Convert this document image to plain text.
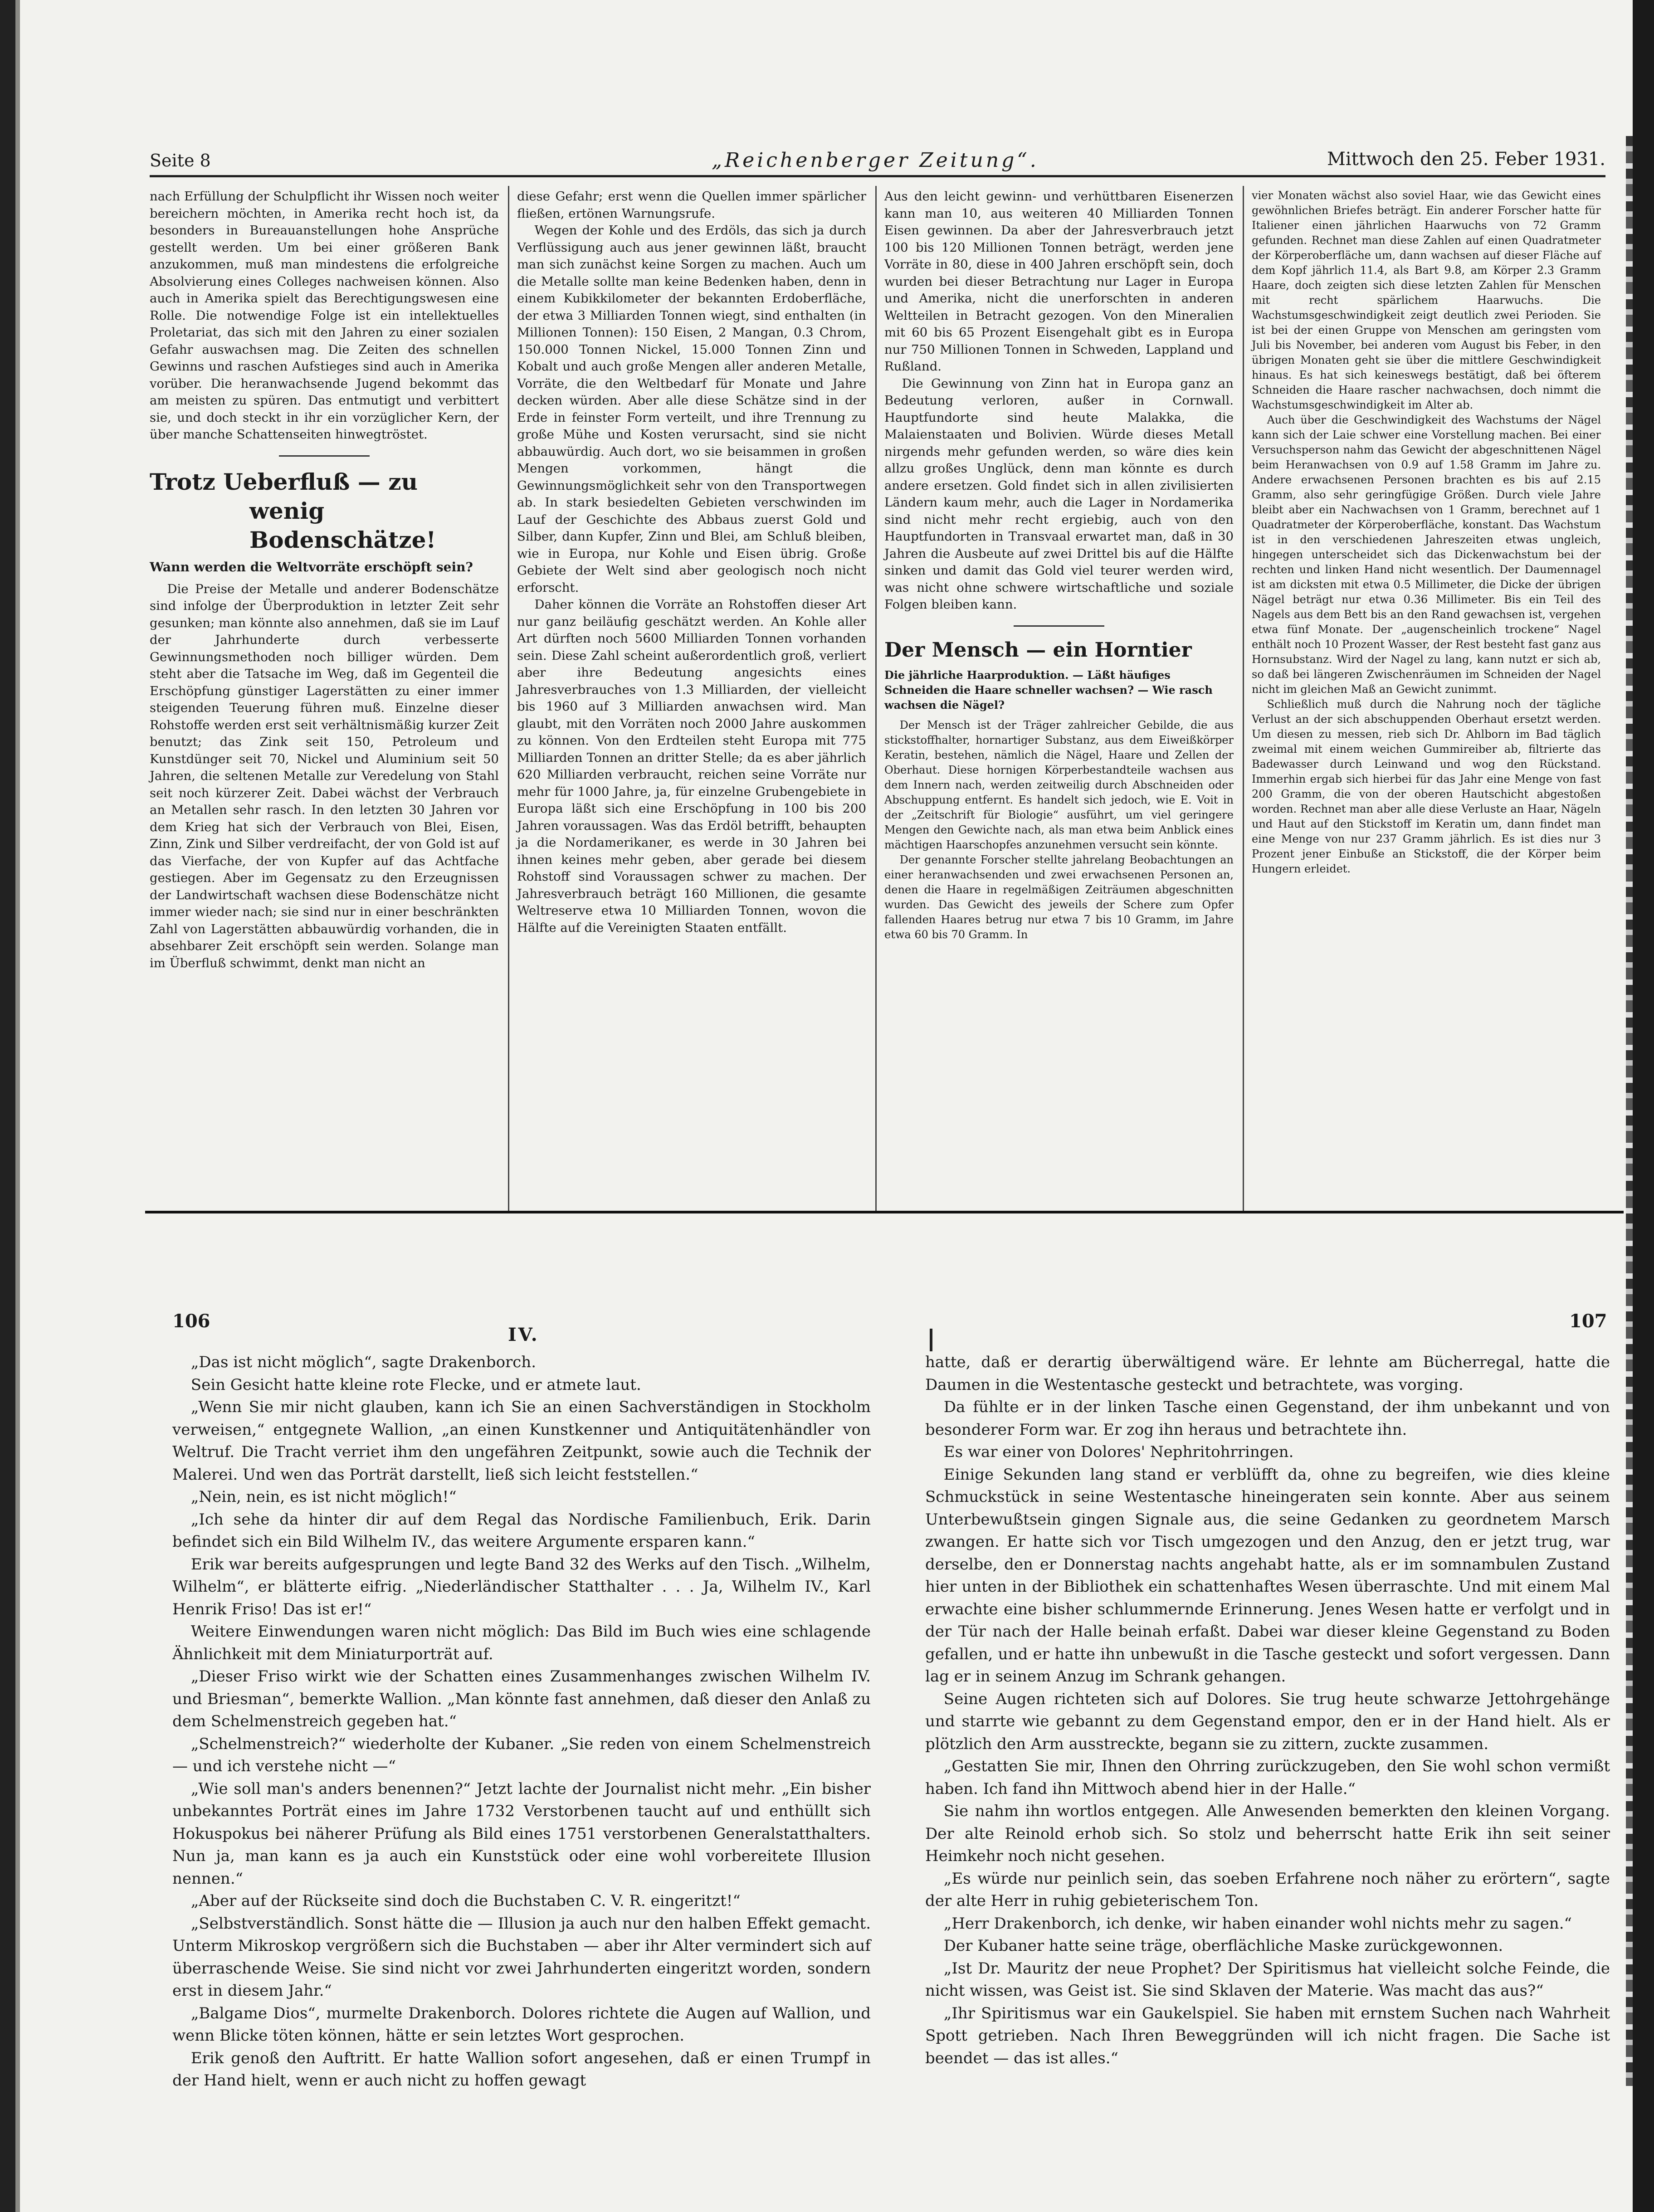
Seite 8	„Reichenberger Zeitung“.	Mittwoch den 25. Feber 1931.

nach Erfüllung der Schulpflicht ihr Wissen noch weiter bereichern möchten, in Amerika recht hoch ist, da besonders in Bureauanstellungen hohe Ansprüche gestellt werden. Um bei einer größeren Bank anzukommen, muß man mindestens die erfolgreiche Absolvierung eines Colleges nachweisen können. Also auch in Amerika spielt das Berechtigungswesen eine Rolle. Die notwendige Folge ist ein intellektuelles Proletariat, das sich mit den Jahren zu einer sozialen Gefahr auswachsen mag. Die Zeiten des schnellen Gewinns und raschen Aufstieges sind auch in Amerika vorüber. Die heranwachsende Jugend bekommt das am meisten zu spüren. Das entmutigt und verbittert sie, und doch steckt in ihr ein vorzüglicher Kern, der über manche Schattenseiten hinwegtröstet.

Trotz Ueberfluß — zu
wenig Bodenschätze!
Wann werden die Weltvorräte erschöpft sein?

Die Preise der Metalle und anderer Bodenschätze sind infolge der Überproduktion in letzter Zeit sehr gesunken; man könnte also annehmen, daß sie im Lauf der Jahrhunderte durch verbesserte Gewinnungsmethoden noch billiger würden. Dem steht aber die Tatsache im Weg, daß im Gegenteil die Erschöpfung günstiger Lagerstätten zu einer immer steigenden Teuerung führen muß. Einzelne dieser Rohstoffe werden erst seit verhältnismäßig kurzer Zeit benutzt; das Zink seit 150, Petroleum und Kunstdünger seit 70, Nickel und Aluminium seit 50 Jahren, die seltenen Metalle zur Veredelung von Stahl seit noch kürzerer Zeit. Dabei wächst der Verbrauch an Metallen sehr rasch. In den letzten 30 Jahren vor dem Krieg hat sich der Verbrauch von Blei, Eisen, Zinn, Zink und Silber verdreifacht, der von Gold ist auf das Vierfache, der von Kupfer auf das Achtfache gestiegen. Aber im Gegensatz zu den Erzeugnissen der Landwirtschaft wachsen diese Bodenschätze nicht immer wieder nach; sie sind nur in einer beschränkten Zahl von Lagerstätten abbauwürdig vorhanden, die in absehbarer Zeit erschöpft sein werden. Solange man im Überfluß schwimmt, denkt man nicht an

diese Gefahr; erst wenn die Quellen immer spärlicher fließen, ertönen Warnungsrufe.

Wegen der Kohle und des Erdöls, das sich ja durch Verflüssigung auch aus jener gewinnen läßt, braucht man sich zunächst keine Sorgen zu machen. Auch um die Metalle sollte man keine Bedenken haben, denn in einem Kubikkilometer der bekannten Erdoberfläche, der etwa 3 Milliarden Tonnen wiegt, sind enthalten (in Millionen Tonnen): 150 Eisen, 2 Mangan, 0.3 Chrom, 150.000 Tonnen Nickel, 15.000 Tonnen Zinn und Kobalt und auch große Mengen aller anderen Metalle, Vorräte, die den Weltbedarf für Monate und Jahre decken würden. Aber alle diese Schätze sind in der Erde in feinster Form verteilt, und ihre Trennung zu große Mühe und Kosten verursacht, sind sie nicht abbauwürdig. Auch dort, wo sie beisammen in großen Mengen vorkommen, hängt die Gewinnungsmöglichkeit sehr von den Transportwegen ab. In stark besiedelten Gebieten verschwinden im Lauf der Geschichte des Abbaus zuerst Gold und Silber, dann Kupfer, Zinn und Blei, am Schluß bleiben, wie in Europa, nur Kohle und Eisen übrig. Große Gebiete der Welt sind aber geologisch noch nicht erforscht.

Daher können die Vorräte an Rohstoffen dieser Art nur ganz beiläufig geschätzt werden. An Kohle aller Art dürften noch 5600 Milliarden Tonnen vorhanden sein. Diese Zahl scheint außerordentlich groß, verliert aber ihre Bedeutung angesichts eines Jahresverbrauches von 1.3 Milliarden, der vielleicht bis 1960 auf 3 Milliarden anwachsen wird. Man glaubt, mit den Vorräten noch 2000 Jahre auskommen zu können. Von den Erdteilen steht Europa mit 775 Milliarden Tonnen an dritter Stelle; da es aber jährlich 620 Milliarden verbraucht, reichen seine Vorräte nur mehr für 1000 Jahre, ja, für einzelne Grubengebiete in Europa läßt sich eine Erschöpfung in 100 bis 200 Jahren voraussagen. Was das Erdöl betrifft, behaupten ja die Nordamerikaner, es werde in 30 Jahren bei ihnen keines mehr geben, aber gerade bei diesem Rohstoff sind Voraussagen schwer zu machen. Der Jahresverbrauch beträgt 160 Millionen, die gesamte Weltreserve etwa 10 Milliarden Tonnen, wovon die Hälfte auf die Vereinigten Staaten entfällt.

Aus den leicht gewinn- und verhüttbaren Eisenerzen kann man 10, aus weiteren 40 Milliarden Tonnen Eisen gewinnen. Da aber der Jahresverbrauch jetzt 100 bis 120 Millionen Tonnen beträgt, werden jene Vorräte in 80, diese in 400 Jahren erschöpft sein, doch wurden bei dieser Betrachtung nur Lager in Europa und Amerika, nicht die unerforschten in anderen Weltteilen in Betracht gezogen. Von den Mineralien mit 60 bis 65 Prozent Eisengehalt gibt es in Europa nur 750 Millionen Tonnen in Schweden, Lappland und Rußland.

Die Gewinnung von Zinn hat in Europa ganz an Bedeutung verloren, außer in Cornwall. Hauptfundorte sind heute Malakka, die Malaienstaaten und Bolivien. Würde dieses Metall nirgends mehr gefunden werden, so wäre dies kein allzu großes Unglück, denn man könnte es durch andere ersetzen. Gold findet sich in allen zivilisierten Ländern kaum mehr, auch die Lager in Nordamerika sind nicht mehr recht ergiebig, auch von den Hauptfundorten in Transvaal erwartet man, daß in 30 Jahren die Ausbeute auf zwei Drittel bis auf die Hälfte sinken und damit das Gold viel teurer werden wird, was nicht ohne schwere wirtschaftliche und soziale Folgen bleiben kann.

Der Mensch — ein Horntier
Die jährliche Haarproduktion. — Läßt häufiges Schneiden die Haare schneller wachsen? — Wie rasch wachsen die Nägel?

Der Mensch ist der Träger zahlreicher Gebilde, die aus stickstoffhalter, hornartiger Substanz, aus dem Eiweißkörper Keratin, bestehen, nämlich die Nägel, Haare und Zellen der Oberhaut. Diese hornigen Körperbestandteile wachsen aus dem Innern nach, werden zeitweilig durch Abschneiden oder Abschuppung entfernt. Es handelt sich jedoch, wie E. Voit in der „Zeitschrift für Biologie“ ausführt, um viel geringere Mengen den Gewichte nach, als man etwa beim Anblick eines mächtigen Haarschopfes anzunehmen versucht sein könnte.

Der genannte Forscher stellte jahrelang Beobachtungen an einer heranwachsenden und zwei erwachsenen Personen an, denen die Haare in regelmäßigen Zeiträumen abgeschnitten wurden. Das Gewicht des jeweils der Schere zum Opfer fallenden Haares betrug nur etwa 7 bis 10 Gramm, im Jahre etwa 60 bis 70 Gramm. In

vier Monaten wächst also soviel Haar, wie das Gewicht eines gewöhnlichen Briefes beträgt. Ein anderer Forscher hatte für Italiener einen jährlichen Haarwuchs von 72 Gramm gefunden. Rechnet man diese Zahlen auf einen Quadratmeter der Körperoberfläche um, dann wachsen auf dieser Fläche auf dem Kopf jährlich 11.4, als Bart 9.8, am Körper 2.3 Gramm Haare, doch zeigten sich diese letzten Zahlen für Menschen mit recht spärlichem Haarwuchs. Die Wachstumsgeschwindigkeit zeigt deutlich zwei Perioden. Sie ist bei der einen Gruppe von Menschen am geringsten vom Juli bis November, bei anderen vom August bis Feber, in den übrigen Monaten geht sie über die mittlere Geschwindigkeit hinaus. Es hat sich keineswegs bestätigt, daß bei öfterem Schneiden die Haare rascher nachwachsen, doch nimmt die Wachstumsgeschwindigkeit im Alter ab.

Auch über die Geschwindigkeit des Wachstums der Nägel kann sich der Laie schwer eine Vorstellung machen. Bei einer Versuchsperson nahm das Gewicht der abgeschnittenen Nägel beim Heranwachsen von 0.9 auf 1.58 Gramm im Jahre zu. Andere erwachsenen Personen brachten es bis auf 2.15 Gramm, also sehr geringfügige Größen. Durch viele Jahre bleibt aber ein Nachwachsen von 1 Gramm, berechnet auf 1 Quadratmeter der Körperoberfläche, konstant. Das Wachstum ist in den verschiedenen Jahreszeiten etwas ungleich, hingegen unterscheidet sich das Dickenwachstum bei der rechten und linken Hand nicht wesentlich. Der Daumennagel ist am dicksten mit etwa 0.5 Millimeter, die Dicke der übrigen Nägel beträgt nur etwa 0.36 Millimeter. Bis ein Teil des Nagels aus dem Bett bis an den Rand gewachsen ist, vergehen etwa fünf Monate. Der „augenscheinlich trockene“ Nagel enthält noch 10 Prozent Wasser, der Rest besteht fast ganz aus Hornsubstanz. Wird der Nagel zu lang, kann nutzt er sich ab, so daß bei längeren Zwischenräumen im Schneiden der Nagel nicht im gleichen Maß an Gewicht zunimmt.

Schließlich muß durch die Nahrung noch der tägliche Verlust an der sich abschuppenden Oberhaut ersetzt werden. Um diesen zu messen, rieb sich Dr. Ahlborn im Bad täglich zweimal mit einem weichen Gummireiber ab, filtrierte das Badewasser durch Leinwand und wog den Rückstand. Immerhin ergab sich hierbei für das Jahr eine Menge von fast 200 Gramm, die von der oberen Hautschicht abgestoßen worden. Rechnet man aber alle diese Verluste an Haar, Nägeln und Haut auf den Stickstoff im Keratin um, dann findet man eine Menge von nur 237 Gramm jährlich. Es ist dies nur 3 Prozent jener Einbuße an Stickstoff, die der Körper beim Hungern erleidet.

106	107
IV.

„Das ist nicht möglich“, sagte Drakenborch.

Sein Gesicht hatte kleine rote Flecke, und er atmete laut.

„Wenn Sie mir nicht glauben, kann ich Sie an einen Sachverständigen in Stockholm verweisen,“ entgegnete Wallion, „an einen Kunstkenner und Antiquitätenhändler von Weltruf. Die Tracht verriet ihm den ungefähren Zeitpunkt, sowie auch die Technik der Malerei. Und wen das Porträt darstellt, ließ sich leicht feststellen.“

„Nein, nein, es ist nicht möglich!“

„Ich sehe da hinter dir auf dem Regal das Nordische Familienbuch, Erik. Darin befindet sich ein Bild Wilhelm IV., das weitere Argumente ersparen kann.“

Erik war bereits aufgesprungen und legte Band 32 des Werks auf den Tisch. „Wilhelm, Wilhelm“, er blätterte eifrig. „Niederländischer Statthalter . . . Ja, Wilhelm IV., Karl Henrik Friso! Das ist er!“

Weitere Einwendungen waren nicht möglich: Das Bild im Buch wies eine schlagende Ähnlichkeit mit dem Miniaturporträt auf.

„Dieser Friso wirkt wie der Schatten eines Zusammenhanges zwischen Wilhelm IV. und Briesman“, bemerkte Wallion. „Man könnte fast annehmen, daß dieser den Anlaß zu dem Schelmenstreich gegeben hat.“

„Schelmenstreich?“ wiederholte der Kubaner. „Sie reden von einem Schelmenstreich — und ich verstehe nicht —“

„Wie soll man's anders benennen?“ Jetzt lachte der Journalist nicht mehr. „Ein bisher unbekanntes Porträt eines im Jahre 1732 Verstorbenen taucht auf und enthüllt sich Hokuspokus bei näherer Prüfung als Bild eines 1751 verstorbenen Generalstatthalters. Nun ja, man kann es ja auch ein Kunststück oder eine wohl vorbereitete Illusion nennen.“

„Aber auf der Rückseite sind doch die Buchstaben C. V. R. eingeritzt!“

„Selbstverständlich. Sonst hätte die — Illusion ja auch nur den halben Effekt gemacht. Unterm Mikroskop vergrößern sich die Buchstaben — aber ihr Alter vermindert sich auf überraschende Weise. Sie sind nicht vor zwei Jahrhunderten eingeritzt worden, sondern erst in diesem Jahr.“

„Balgame Dios“, murmelte Drakenborch. Dolores richtete die Augen auf Wallion, und wenn Blicke töten können, hätte er sein letztes Wort gesprochen.

Erik genoß den Auftritt. Er hatte Wallion sofort angesehen, daß er einen Trumpf in der Hand hielt, wenn er auch nicht zu hoffen gewagt

hatte, daß er derartig überwältigend wäre. Er lehnte am Bücherregal, hatte die Daumen in die Westentasche gesteckt und betrachtete, was vorging.

Da fühlte er in der linken Tasche einen Gegenstand, der ihm unbekannt und von besonderer Form war. Er zog ihn heraus und betrachtete ihn.

Es war einer von Dolores' Nephritohrringen.

Einige Sekunden lang stand er verblüfft da, ohne zu begreifen, wie dies kleine Schmuckstück in seine Westentasche hineingeraten sein konnte. Aber aus seinem Unterbewußtsein gingen Signale aus, die seine Gedanken zu geordnetem Marsch zwangen. Er hatte sich vor Tisch umgezogen und den Anzug, den er jetzt trug, war derselbe, den er Donnerstag nachts angehabt hatte, als er im somnambulen Zustand hier unten in der Bibliothek ein schattenhaftes Wesen überraschte. Und mit einem Mal erwachte eine bisher schlummernde Erinnerung. Jenes Wesen hatte er verfolgt und in der Tür nach der Halle beinah erfaßt. Dabei war dieser kleine Gegenstand zu Boden gefallen, und er hatte ihn unbewußt in die Tasche gesteckt und sofort vergessen. Dann lag er in seinem Anzug im Schrank gehangen.

Seine Augen richteten sich auf Dolores. Sie trug heute schwarze Jettohrgehänge und starrte wie gebannt zu dem Gegenstand empor, den er in der Hand hielt. Als er plötzlich den Arm ausstreckte, begann sie zu zittern, zuckte zusammen.

„Gestatten Sie mir, Ihnen den Ohrring zurückzugeben, den Sie wohl schon vermißt haben. Ich fand ihn Mittwoch abend hier in der Halle.“

Sie nahm ihn wortlos entgegen. Alle Anwesenden bemerkten den kleinen Vorgang. Der alte Reinold erhob sich. So stolz und beherrscht hatte Erik ihn seit seiner Heimkehr noch nicht gesehen.

„Es würde nur peinlich sein, das soeben Erfahrene noch näher zu erörtern“, sagte der alte Herr in ruhig gebieterischem Ton.

„Herr Drakenborch, ich denke, wir haben einander wohl nichts mehr zu sagen.“

Der Kubaner hatte seine träge, oberflächliche Maske zurückgewonnen.

„Ist Dr. Mauritz der neue Prophet? Der Spiritismus hat vielleicht solche Feinde, die nicht wissen, was Geist ist. Sie sind Sklaven der Materie. Was macht das aus?“

„Ihr Spiritismus war ein Gaukelspiel. Sie haben mit ernstem Suchen nach Wahrheit Spott getrieben. Nach Ihren Beweggründen will ich nicht fragen. Die Sache ist beendet — das ist alles.“
